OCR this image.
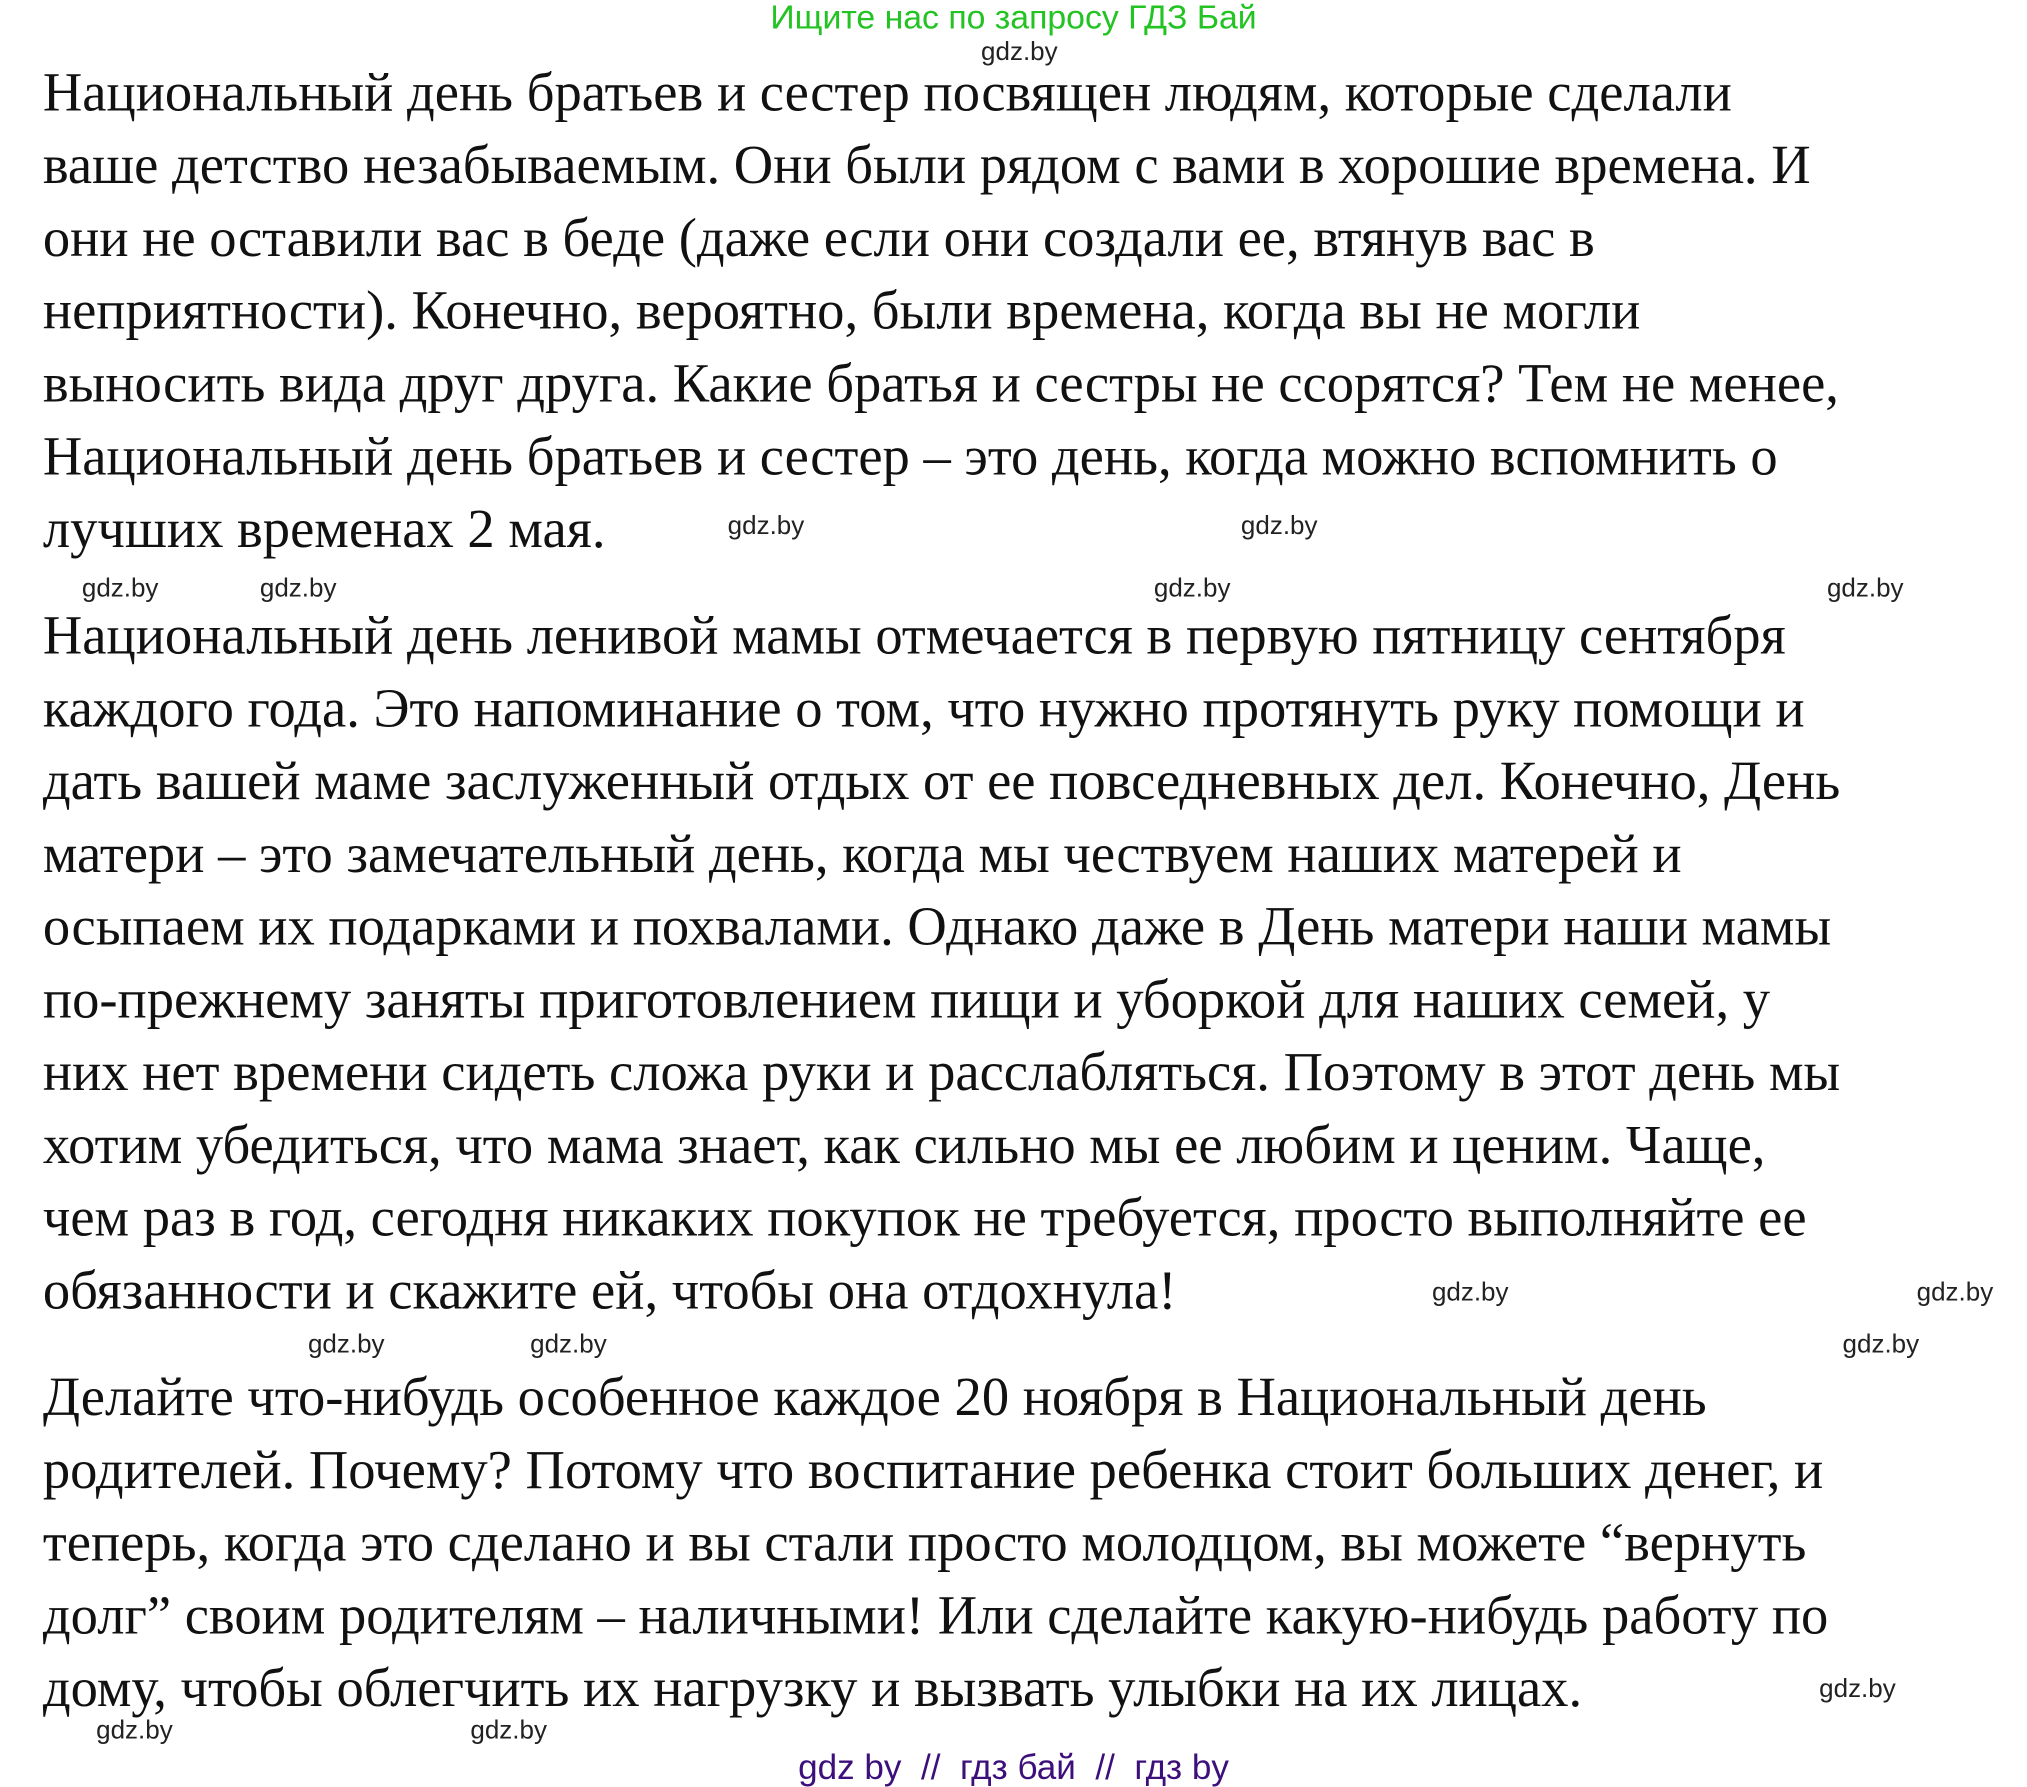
Ищите нас по запросу ГДЗ Бай
Национальный день братьев и сестер посвящен людям, которые сделали
ваше детство незабываемым. Они были рядом с вами в хорошие времена. И
они не оставили вас в беде (даже если они создали ее, втянув вас в
неприятности). Конечно, вероятно, были времена, когда вы не могли
выносить вида друг друга. Какие братья и сестры не ссорятся? Тем не менее,
Национальный день братьев и сестер – это день, когда можно вспомнить о
лучших временах 2 мая.
Национальный день ленивой мамы отмечается в первую пятницу сентября
каждого года. Это напоминание о том, что нужно протянуть руку помощи и
дать вашей маме заслуженный отдых от ее повседневных дел. Конечно, День
матери – это замечательный день, когда мы чествуем наших матерей и
осыпаем их подарками и похвалами. Однако даже в День матери наши мамы
по-прежнему заняты приготовлением пищи и уборкой для наших семей, у
них нет времени сидеть сложа руки и расслабляться. Поэтому в этот день мы
хотим убедиться, что мама знает, как сильно мы ее любим и ценим. Чаще,
чем раз в год, сегодня никаких покупок не требуется, просто выполняйте ее
обязанности и скажите ей, чтобы она отдохнула!
Делайте что-нибудь особенное каждое 20 ноября в Национальный день
родителей. Почему? Потому что воспитание ребенка стоит больших денег, и
теперь, когда это сделано и вы стали просто молодцом, вы можете “вернуть
долг” своим родителям – наличными! Или сделайте какую-нибудь работу по
дому, чтобы облегчить их нагрузку и вызвать улыбки на их лицах.
gdz.by
gdz.by	gdz.by	gdz.by
gdz.by
gdz.by
gdz.by
gdz.by
gdz.by
gdz.by
gdz.by	gdz.by
gdz.by	gdz.by
gdz.by
gdz by  //  гдз бай  //  гдз by
